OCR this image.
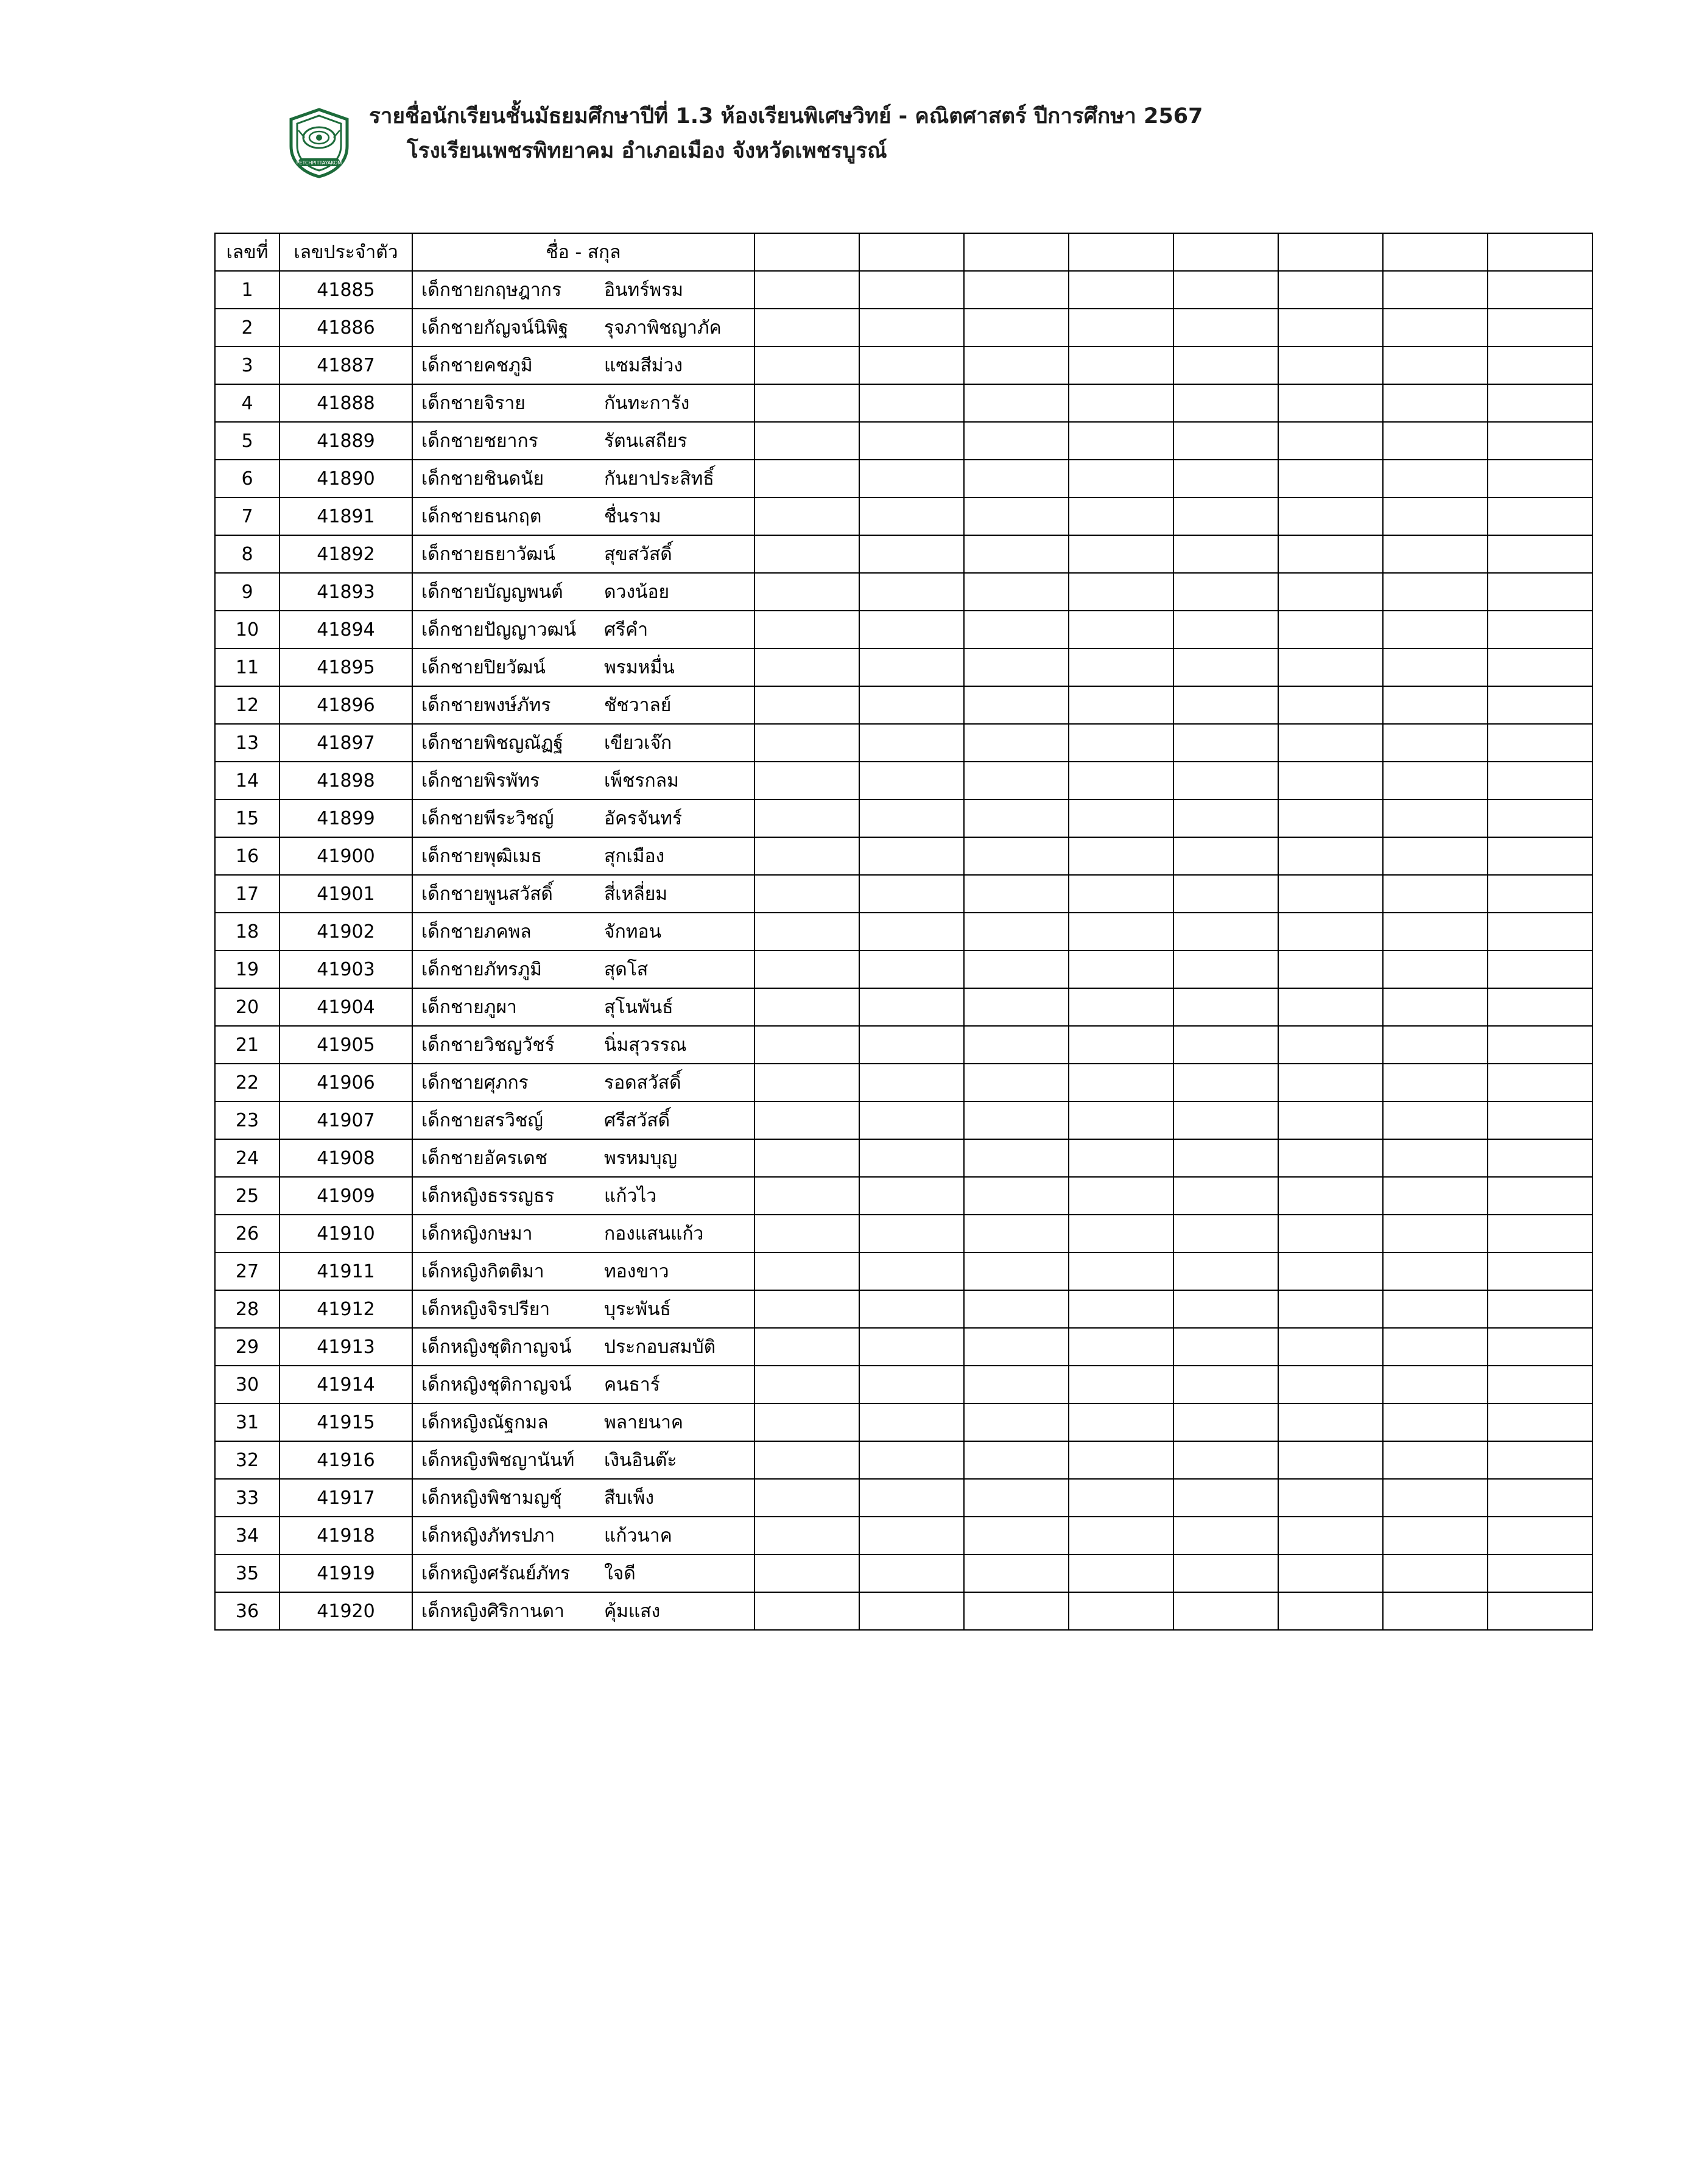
PETCHPITTAYAKOM
รายชื่อนักเรียนชั้นมัธยมศึกษาปีที่ 1.3 ห้องเรียนพิเศษวิทย์ - คณิตศาสตร์ ปีการศึกษา 2567
โรงเรียนเพชรพิทยาคม อำเภอเมือง จังหวัดเพชรบูรณ์
เลขที่	เลขประจำตัว	ชื่อ - สกุล								
1	41885	เด็กชายกฤษฎากร อินทร์พรม								

2	41886	เด็กชายกัญจน์นิพิฐ รุจภาพิชญาภัค								

3	41887	เด็กชายคชภูมิ แซมสีม่วง								

4	41888	เด็กชายจิราย กันทะการัง								

5	41889	เด็กชายชยากร รัตนเสถียร								

6	41890	เด็กชายชินดนัย กันยาประสิทธิ์								

7	41891	เด็กชายธนกฤต ชื่นราม								

8	41892	เด็กชายธยาวัฒน์ สุขสวัสดิ์								

9	41893	เด็กชายบัญญพนต์ ดวงน้อย								

10	41894	เด็กชายปัญญาวฒน์ ศรีคำ								

11	41895	เด็กชายปิยวัฒน์ พรมหมื่น								

12	41896	เด็กชายพงษ์ภัทร ชัชวาลย์								

13	41897	เด็กชายพิชญณัฏฐ์ เขียวเจ๊ก								

14	41898	เด็กชายพิรพัทร เพ็ชรกลม								

15	41899	เด็กชายพีระวิชญ์ อัครจันทร์								

16	41900	เด็กชายพุฒิเมธ สุกเมือง								

17	41901	เด็กชายพูนสวัสดิ์ สี่เหลี่ยม								

18	41902	เด็กชายภคพล จักทอน								

19	41903	เด็กชายภัทรภูมิ สุดโส								

20	41904	เด็กชายภูผา สุโนพันธ์								

21	41905	เด็กชายวิชญวัชร์ นิ่มสุวรรณ								

22	41906	เด็กชายศุภกร รอดสวัสดิ์								

23	41907	เด็กชายสรวิชญ์ ศรีสวัสดิ์								

24	41908	เด็กชายอัครเดช พรหมบุญ								

25	41909	เด็กหญิงธรรญธร แก้วไว								

26	41910	เด็กหญิงกษมา กองแสนแก้ว								

27	41911	เด็กหญิงกิตติมา ทองขาว								

28	41912	เด็กหญิงจิรปรียา บุระพันธ์								

29	41913	เด็กหญิงชุติกาญจน์ ประกอบสมบัติ								

30	41914	เด็กหญิงชุติกาญจน์ คนธาร์								

31	41915	เด็กหญิงณัฐกมล พลายนาค								

32	41916	เด็กหญิงพิชญานันท์ เงินอินต๊ะ								

33	41917	เด็กหญิงพิชามญชุ์ สืบเพ็ง								

34	41918	เด็กหญิงภัทรปภา แก้วนาค								

35	41919	เด็กหญิงศรัณย์ภัทร ใจดี								

36	41920	เด็กหญิงศิริกานดา คุ้มแสง								
